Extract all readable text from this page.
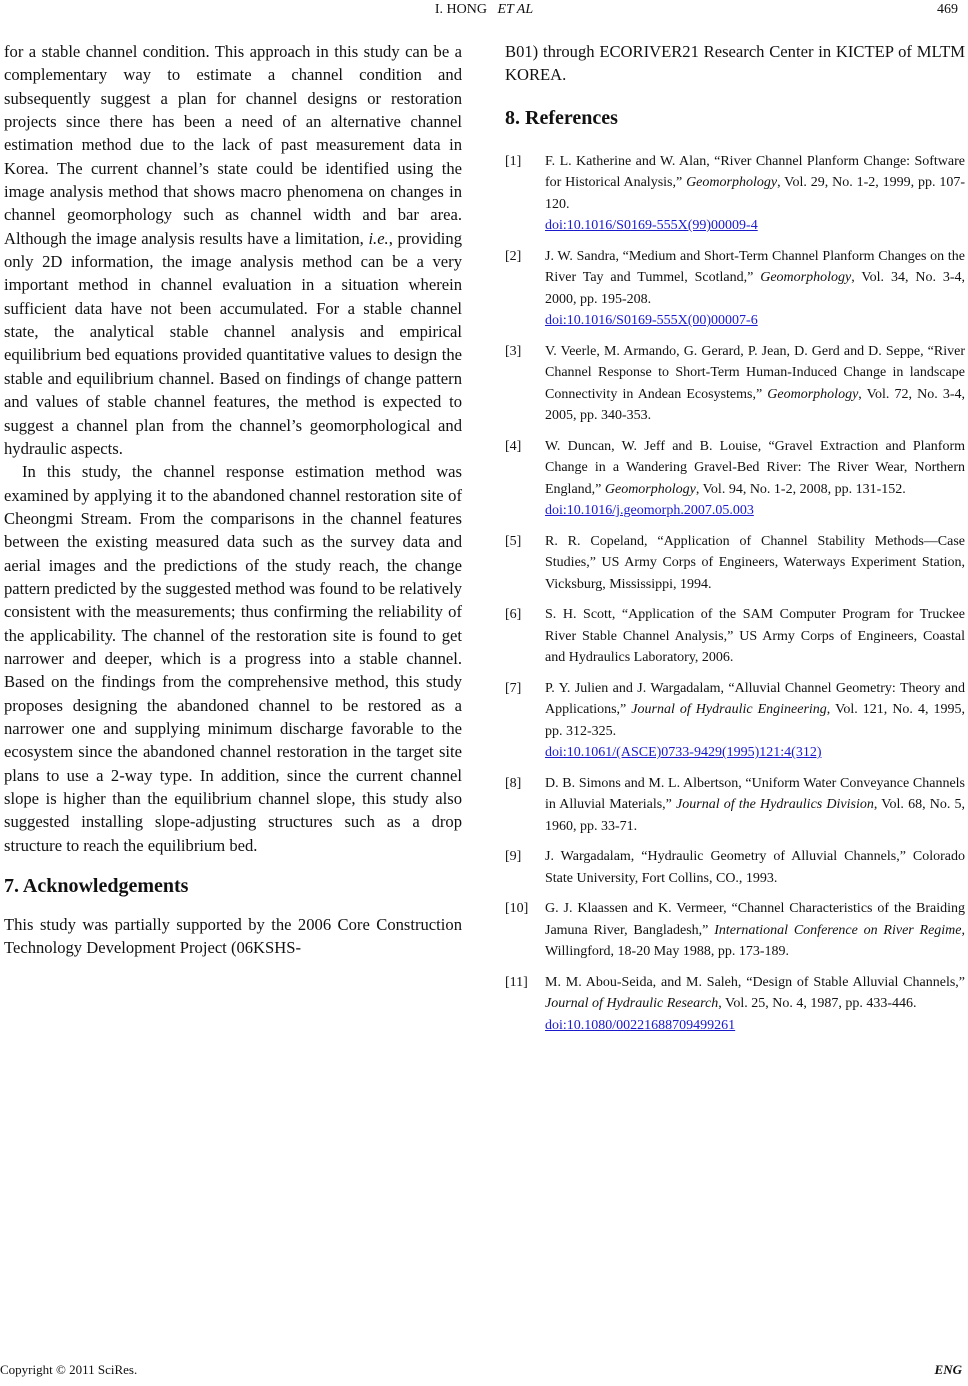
I. HONG ET AL	469

for a stable channel condition. This approach in this study can be a complementary way to estimate a channel condition and subsequently suggest a plan for channel designs or restoration projects since there has been a need of an alternative channel estimation method due to the lack of past measurement data in Korea. The current channel’s state could be identified using the image analysis method that shows macro phenomena on changes in channel geomorphology such as channel width and bar area. Although the image analysis results have a limitation, i.e., providing only 2D information, the image analysis method can be a very important method in channel evaluation in a situation wherein sufficient data have not been accumulated. For a stable channel state, the analytical stable channel analysis and empirical equilibrium bed equations provided quantitative values to design the stable and equilibrium channel. Based on findings of change pattern and values of stable channel features, the method is expected to suggest a channel plan from the channel’s geomorphological and hydraulic aspects.

In this study, the channel response estimation method was examined by applying it to the abandoned channel restoration site of Cheongmi Stream. From the comparisons in the channel features between the existing measured data such as the survey data and aerial images and the predictions of the study reach, the change pattern predicted by the suggested method was found to be relatively consistent with the measurements; thus confirming the reliability of the applicability. The channel of the restoration site is found to get narrower and deeper, which is a progress into a stable channel. Based on the findings from the comprehensive method, this study proposes designing the abandoned channel to be restored as a narrower one and supplying minimum discharge favorable to the ecosystem since the abandoned channel restoration in the target site plans to use a 2-way type. In addition, since the current channel slope is higher than the equilibrium channel slope, this study also suggested installing slope-adjusting structures such as a drop structure to reach the equilibrium bed.

7. Acknowledgements

This study was partially supported by the 2006 Core Construction Technology Development Project (06KSHS-

B01) through ECORIVER21 Research Center in KICTEP of MLTM KOREA.

8. References
[1] F. L. Katherine and W. Alan, “River Channel Planform Change: Software for Historical Analysis,” Geomorphology, Vol. 29, No. 1-2, 1999, pp. 107-120.
doi:10.1016/S0169-555X(99)00009-4
[2] J. W. Sandra, “Medium and Short-Term Channel Planform Changes on the River Tay and Tummel, Scotland,” Geomorphology, Vol. 34, No. 3-4, 2000, pp. 195-208.
doi:10.1016/S0169-555X(00)00007-6
[3] V. Veerle, M. Armando, G. Gerard, P. Jean, D. Gerd and D. Seppe, “River Channel Response to Short-Term Human-Induced Change in landscape Connectivity in Andean Ecosystems,” Geomorphology, Vol. 72, No. 3-4, 2005, pp. 340-353.
[4] W. Duncan, W. Jeff and B. Louise, “Gravel Extraction and Planform Change in a Wandering Gravel-Bed River: The River Wear, Northern England,” Geomorphology, Vol. 94, No. 1-2, 2008, pp. 131-152.
doi:10.1016/j.geomorph.2007.05.003
[5] R. R. Copeland, “Application of Channel Stability Methods—Case Studies,” US Army Corps of Engineers, Waterways Experiment Station, Vicksburg, Mississippi, 1994.
[6] S. H. Scott, “Application of the SAM Computer Program for Truckee River Stable Channel Analysis,” US Army Corps of Engineers, Coastal and Hydraulics Laboratory, 2006.
[7] P. Y. Julien and J. Wargadalam, “Alluvial Channel Geometry: Theory and Applications,” Journal of Hydraulic Engineering, Vol. 121, No. 4, 1995, pp. 312-325.
doi:10.1061/(ASCE)0733-9429(1995)121:4(312)
[8] D. B. Simons and M. L. Albertson, “Uniform Water Conveyance Channels in Alluvial Materials,” Journal of the Hydraulics Division, Vol. 68, No. 5, 1960, pp. 33-71.
[9] J. Wargadalam, “Hydraulic Geometry of Alluvial Channels,” Colorado State University, Fort Collins, CO., 1993.
[10] G. J. Klaassen and K. Vermeer, “Channel Characteristics of the Braiding Jamuna River, Bangladesh,” International Conference on River Regime, Willingford, 18-20 May 1988, pp. 173-189.
[11] M. M. Abou-Seida, and M. Saleh, “Design of Stable Alluvial Channels,” Journal of Hydraulic Research, Vol. 25, No. 4, 1987, pp. 433-446.
doi:10.1080/00221688709499261
Copyright © 2011 SciRes.	ENG
